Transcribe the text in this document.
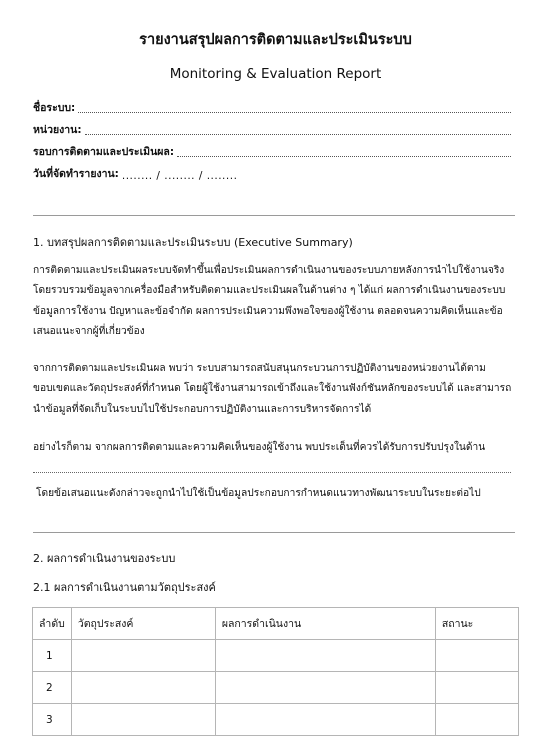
รายงานสรุปผลการติดตามและประเมินระบบ
Monitoring & Evaluation Report
ชื่อระบบ:
หน่วยงาน:
รอบการติดตามและประเมินผล:
วันที่จัดทำรายงาน: ........ / ........ / ........
1. บทสรุปผลการติดตามและประเมินระบบ (Executive Summary)
การติดตามและประเมินผลระบบจัดทำขึ้นเพื่อประเมินผลการดำเนินงานของระบบภายหลังการนำไปใช้งานจริง โดยรวบรวมข้อมูลจากเครื่องมือสำหรับติดตามและประเมินผลในด้านต่าง ๆ ได้แก่ ผลการดำเนินงานของระบบ ข้อมูลการใช้งาน ปัญหาและข้อจำกัด ผลการประเมินความพึงพอใจของผู้ใช้งาน ตลอดจนความคิดเห็นและข้อเสนอแนะจากผู้ที่เกี่ยวข้อง
จากการติดตามและประเมินผล พบว่า ระบบสามารถสนับสนุนกระบวนการปฏิบัติงานของหน่วยงานได้ตามขอบเขตและวัตถุประสงค์ที่กำหนด โดยผู้ใช้งานสามารถเข้าถึงและใช้งานฟังก์ชันหลักของระบบได้ และสามารถนำข้อมูลที่จัดเก็บในระบบไปใช้ประกอบการปฏิบัติงานและการบริหารจัดการได้
อย่างไรก็ตาม จากผลการติดตามและความคิดเห็นของผู้ใช้งาน พบประเด็นที่ควรได้รับการปรับปรุงในด้าน
โดยข้อเสนอแนะดังกล่าวจะถูกนำไปใช้เป็นข้อมูลประกอบการกำหนดแนวทางพัฒนาระบบในระยะต่อไป
2. ผลการดำเนินงานของระบบ
2.1 ผลการดำเนินงานตามวัตถุประสงค์
ลำดับ	วัตถุประสงค์	ผลการดำเนินงาน	สถานะ
1			
2			
3			
